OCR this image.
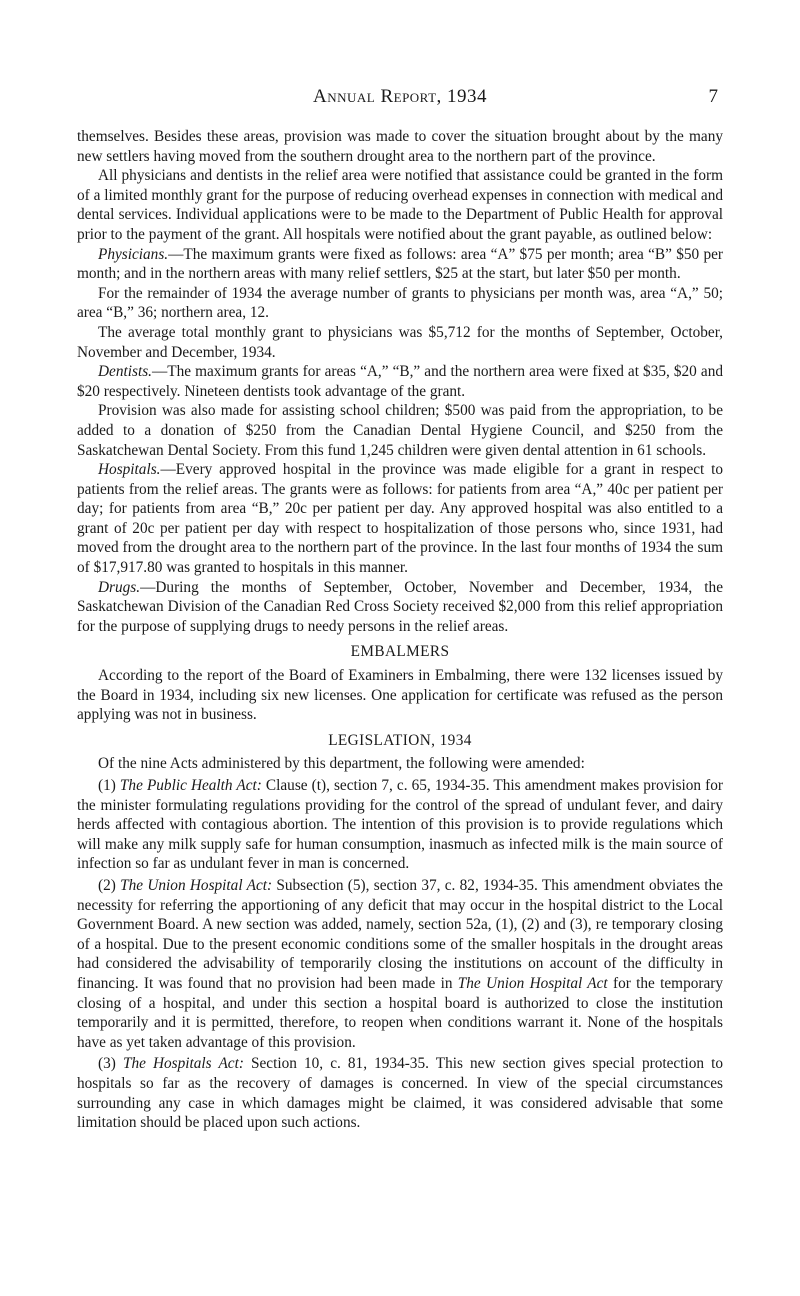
Annual Report, 1934	7

themselves. Besides these areas, provision was made to cover the situation brought about by the many new settlers having moved from the southern drought area to the northern part of the province.

All physicians and dentists in the relief area were notified that assistance could be granted in the form of a limited monthly grant for the purpose of reducing overhead expenses in connection with medical and dental services. Individual applications were to be made to the Department of Public Health for approval prior to the payment of the grant. All hospitals were notified about the grant payable, as outlined below:

Physicians.—The maximum grants were fixed as follows: area “A” $75 per month; area “B” $50 per month; and in the northern areas with many relief settlers, $25 at the start, but later $50 per month.

For the remainder of 1934 the average number of grants to physicians per month was, area “A,” 50; area “B,” 36; northern area, 12.

The average total monthly grant to physicians was $5,712 for the months of September, October, November and December, 1934.

Dentists.—The maximum grants for areas “A,” “B,” and the northern area were fixed at $35, $20 and $20 respectively. Nineteen dentists took advantage of the grant.

Provision was also made for assisting school children; $500 was paid from the appropriation, to be added to a donation of $250 from the Canadian Dental Hygiene Council, and $250 from the Saskatchewan Dental Society. From this fund 1,245 children were given dental attention in 61 schools.

Hospitals.—Every approved hospital in the province was made eligible for a grant in respect to patients from the relief areas. The grants were as follows: for patients from area “A,” 40c per patient per day; for patients from area “B,” 20c per patient per day. Any approved hospital was also entitled to a grant of 20c per patient per day with respect to hospitalization of those persons who, since 1931, had moved from the drought area to the northern part of the province. In the last four months of 1934 the sum of $17,917.80 was granted to hospitals in this manner.

Drugs.—During the months of September, October, November and December, 1934, the Saskatchewan Division of the Canadian Red Cross Society received $2,000 from this relief appropriation for the purpose of supplying drugs to needy persons in the relief areas.

EMBALMERS

According to the report of the Board of Examiners in Embalming, there were 132 licenses issued by the Board in 1934, including six new licenses. One application for certificate was refused as the person applying was not in business.

LEGISLATION, 1934

Of the nine Acts administered by this department, the following were amended:

(1) The Public Health Act: Clause (t), section 7, c. 65, 1934-35. This amendment makes provision for the minister formulating regulations providing for the control of the spread of undulant fever, and dairy herds affected with contagious abortion. The intention of this provision is to provide regulations which will make any milk supply safe for human consumption, inasmuch as infected milk is the main source of infection so far as undulant fever in man is concerned.

(2) The Union Hospital Act: Subsection (5), section 37, c. 82, 1934-35. This amendment obviates the necessity for referring the apportioning of any deficit that may occur in the hospital district to the Local Government Board. A new section was added, namely, section 52a, (1), (2) and (3), re temporary closing of a hospital. Due to the present economic conditions some of the smaller hospitals in the drought areas had considered the advisability of temporarily closing the institutions on account of the difficulty in financing. It was found that no provision had been made in The Union Hospital Act for the temporary closing of a hospital, and under this section a hospital board is authorized to close the institution temporarily and it is permitted, therefore, to reopen when conditions warrant it. None of the hospitals have as yet taken advantage of this provision.

(3) The Hospitals Act: Section 10, c. 81, 1934-35. This new section gives special protection to hospitals so far as the recovery of damages is concerned. In view of the special circumstances surrounding any case in which damages might be claimed, it was considered advisable that some limitation should be placed upon such actions.
